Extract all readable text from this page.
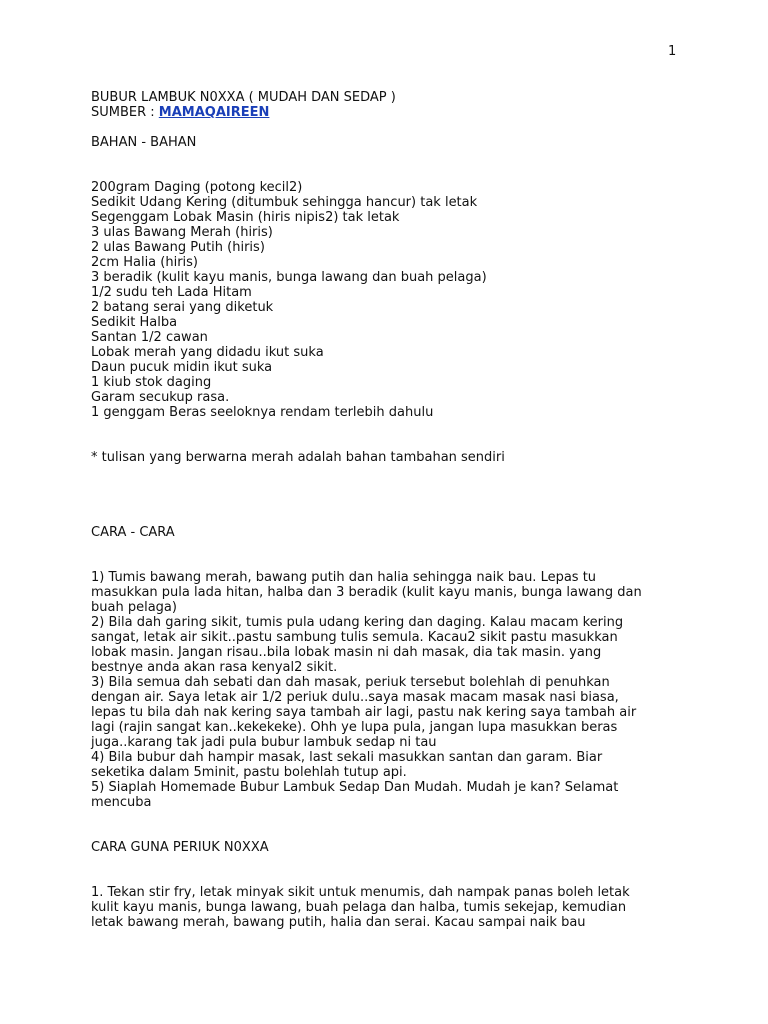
1
BUBUR LAMBUK N0XXA ( MUDAH DAN SEDAP )
SUMBER : MAMAQAIREEN
BAHAN - BAHAN
200gram Daging (potong kecil2)
Sedikit Udang Kering (ditumbuk sehingga hancur) tak letak
Segenggam Lobak Masin (hiris nipis2) tak letak
3 ulas Bawang Merah (hiris)
2 ulas Bawang Putih (hiris)
2cm Halia (hiris)
3 beradik (kulit kayu manis, bunga lawang dan buah pelaga)
1/2 sudu teh Lada Hitam
2 batang serai yang diketuk
Sedikit Halba
Santan 1/2 cawan
Lobak merah yang didadu ikut suka
Daun pucuk midin ikut suka
1 kiub stok daging
Garam secukup rasa.
1 genggam Beras seeloknya rendam terlebih dahulu
* tulisan yang berwarna merah adalah bahan tambahan sendiri
CARA - CARA
1) Tumis bawang merah, bawang putih dan halia sehingga naik bau. Lepas tu
masukkan pula lada hitan, halba dan 3 beradik (kulit kayu manis, bunga lawang dan
buah pelaga)
2) Bila dah garing sikit, tumis pula udang kering dan daging. Kalau macam kering
sangat, letak air sikit..pastu sambung tulis semula. Kacau2 sikit pastu masukkan
lobak masin. Jangan risau..bila lobak masin ni dah masak, dia tak masin. yang
bestnye anda akan rasa kenyal2 sikit.
3) Bila semua dah sebati dan dah masak, periuk tersebut bolehlah di penuhkan
dengan air. Saya letak air 1/2 periuk dulu..saya masak macam masak nasi biasa,
lepas tu bila dah nak kering saya tambah air lagi, pastu nak kering saya tambah air
lagi (rajin sangat kan..kekekeke). Ohh ye lupa pula, jangan lupa masukkan beras
juga..karang tak jadi pula bubur lambuk sedap ni tau
4) Bila bubur dah hampir masak, last sekali masukkan santan dan garam. Biar
seketika dalam 5minit, pastu bolehlah tutup api.
5) Siaplah Homemade Bubur Lambuk Sedap Dan Mudah. Mudah je kan? Selamat
mencuba
CARA GUNA PERIUK N0XXA
1. Tekan stir fry, letak minyak sikit untuk menumis, dah nampak panas boleh letak
kulit kayu manis, bunga lawang, buah pelaga dan halba, tumis sekejap, kemudian
letak bawang merah, bawang putih, halia dan serai. Kacau sampai naik bau
